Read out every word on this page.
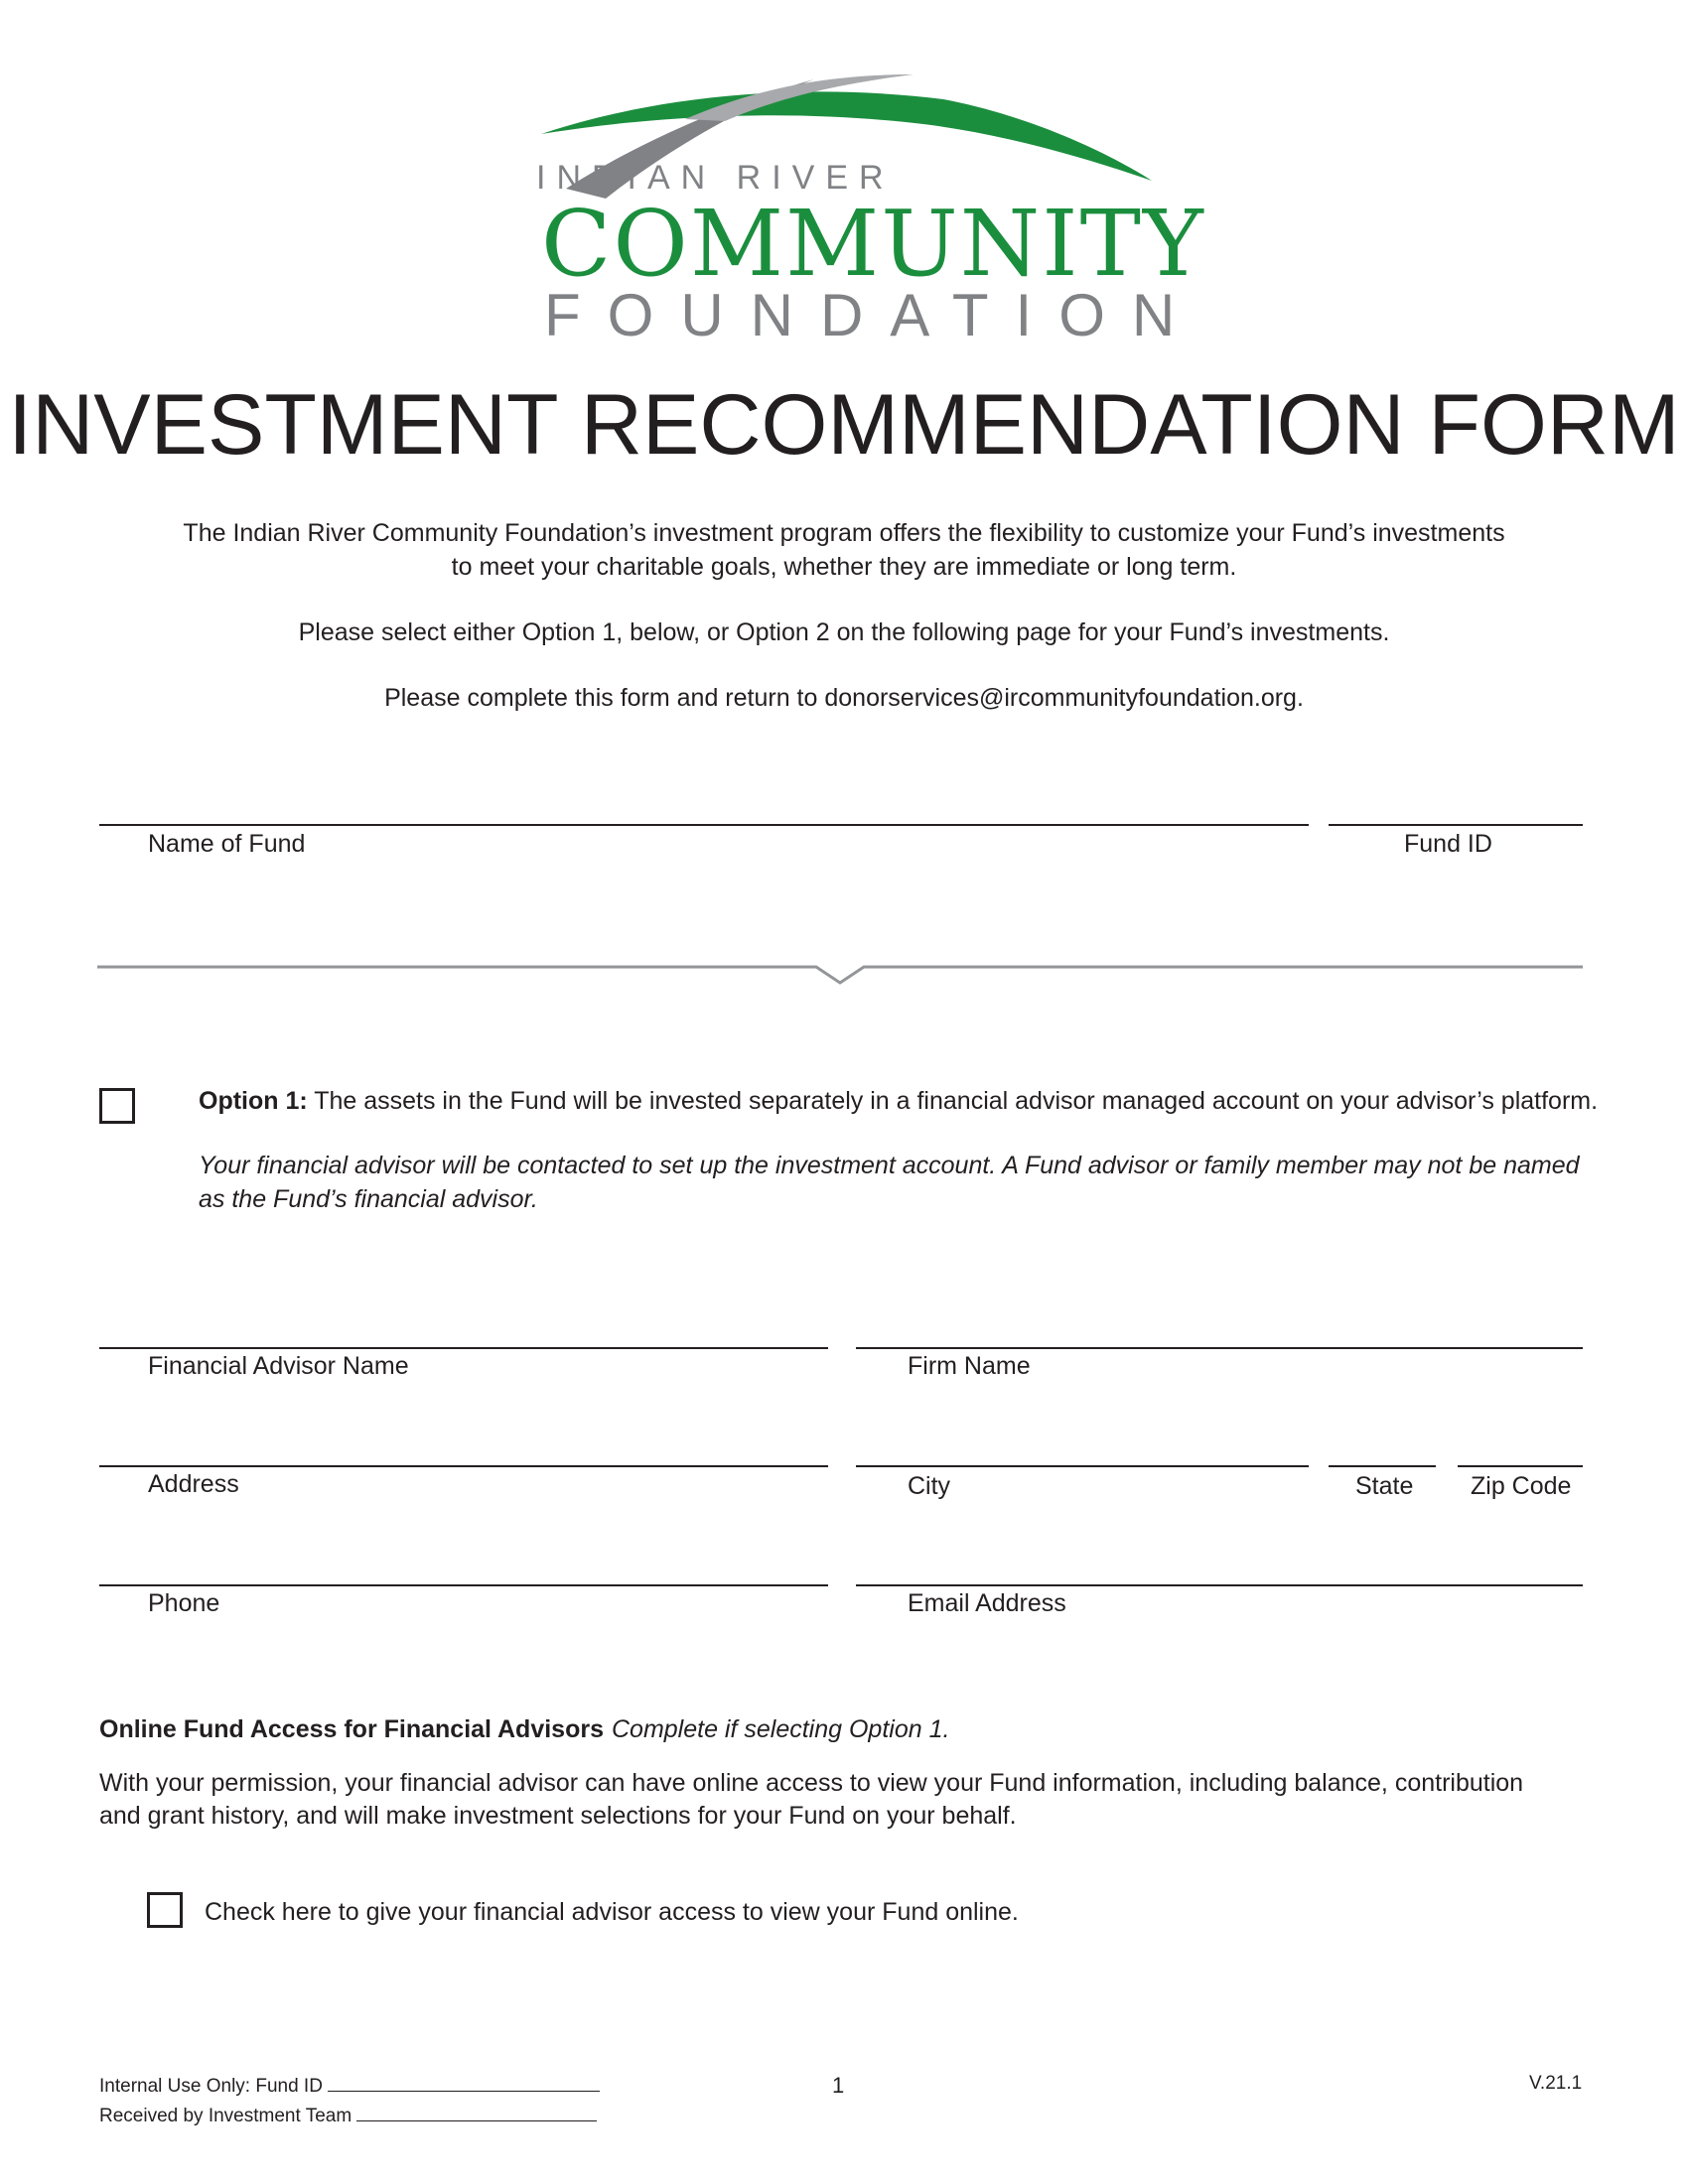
INDIAN RIVER
COMMUNITY
FOUNDATION
INVESTMENT RECOMMENDATION FORM
The Indian River Community Foundation’s investment program offers the flexibility to customize your Fund’s investments
to meet your charitable goals, whether they are immediate or long term.
Please select either Option 1, below, or Option 2 on the following page for your Fund’s investments.
Please complete this form and return to donorservices@ircommunityfoundation.org.
Name of Fund	Fund ID
Option 1: The assets in the Fund will be invested separately in a financial advisor managed account on your advisor’s platform.
Your financial advisor will be contacted to set up the investment account. A Fund advisor or family member may not be named
as the Fund’s financial advisor.
Financial Advisor Name	Firm Name
Address	City	State Zip Code
Phone	Email Address
Online Fund Access for Financial Advisors Complete if selecting Option 1.
With your permission, your financial advisor can have online access to view your Fund information, including balance, contribution
and grant history, and will make investment selections for your Fund on your behalf.
Check here to give your financial advisor access to view your Fund online.
Internal Use Only: Fund ID
Received by Investment Team
1	V.21.1
